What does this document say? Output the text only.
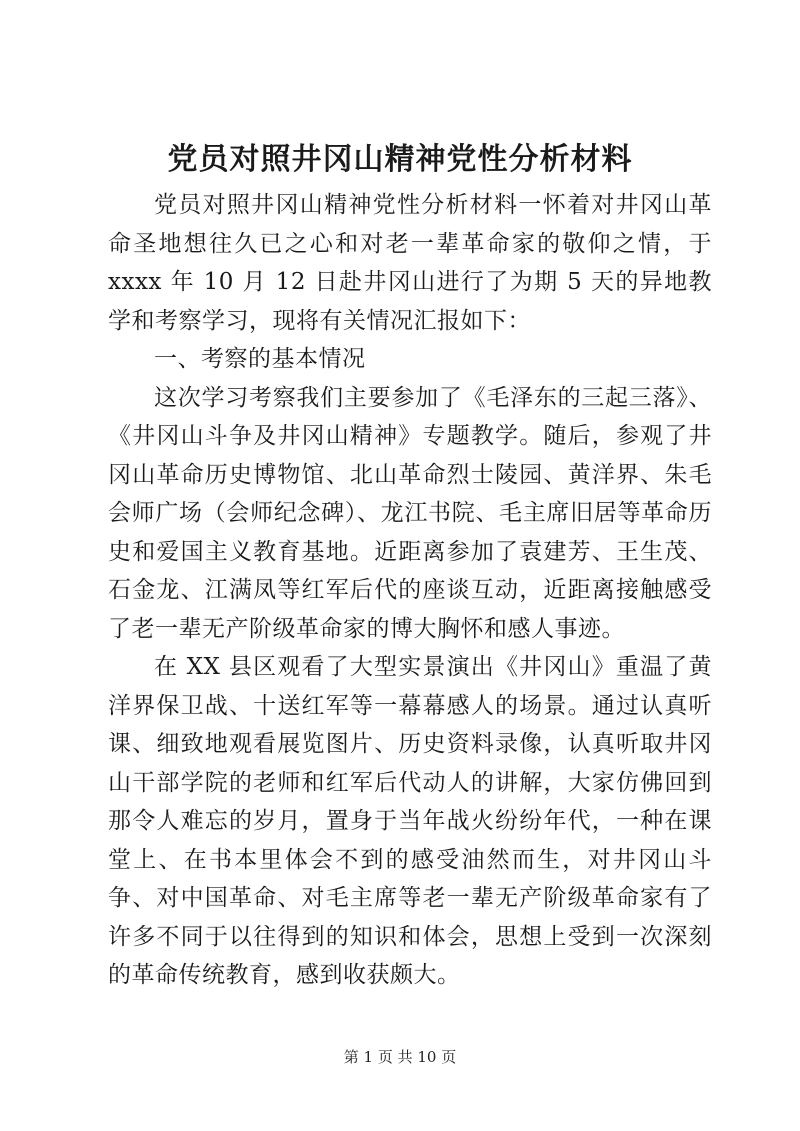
党员对照井冈山精神党性分析材料

党员对照井冈山精神党性分析材料一怀着对井冈山革命圣地想往久已之心和对老一辈革命家的敬仰之情，于 xxxx 年 10 月 12 日赴井冈山进行了为期 5 天的异地教学和考察学习，现将有关情况汇报如下：

一、考察的基本情况

这次学习考察我们主要参加了《毛泽东的三起三落》、《井冈山斗争及井冈山精神》专题教学。随后，参观了井冈山革命历史博物馆、北山革命烈士陵园、黄洋界、朱毛会师广场（会师纪念碑）、龙江书院、毛主席旧居等革命历史和爱国主义教育基地。近距离参加了袁建芳、王生茂、石金龙、江满凤等红军后代的座谈互动，近距离接触感受了老一辈无产阶级革命家的博大胸怀和感人事迹。

在 XX 县区观看了大型实景演出《井冈山》重温了黄洋界保卫战、十送红军等一幕幕感人的场景。通过认真听课、细致地观看展览图片、历史资料录像，认真听取井冈山干部学院的老师和红军后代动人的讲解，大家仿佛回到那令人难忘的岁月，置身于当年战火纷纷年代，一种在课堂上、在书本里体会不到的感受油然而生，对井冈山斗争、对中国革命、对毛主席等老一辈无产阶级革命家有了许多不同于以往得到的知识和体会，思想上受到一次深刻的革命传统教育，感到收获颇大。

第 1 页 共 10 页
